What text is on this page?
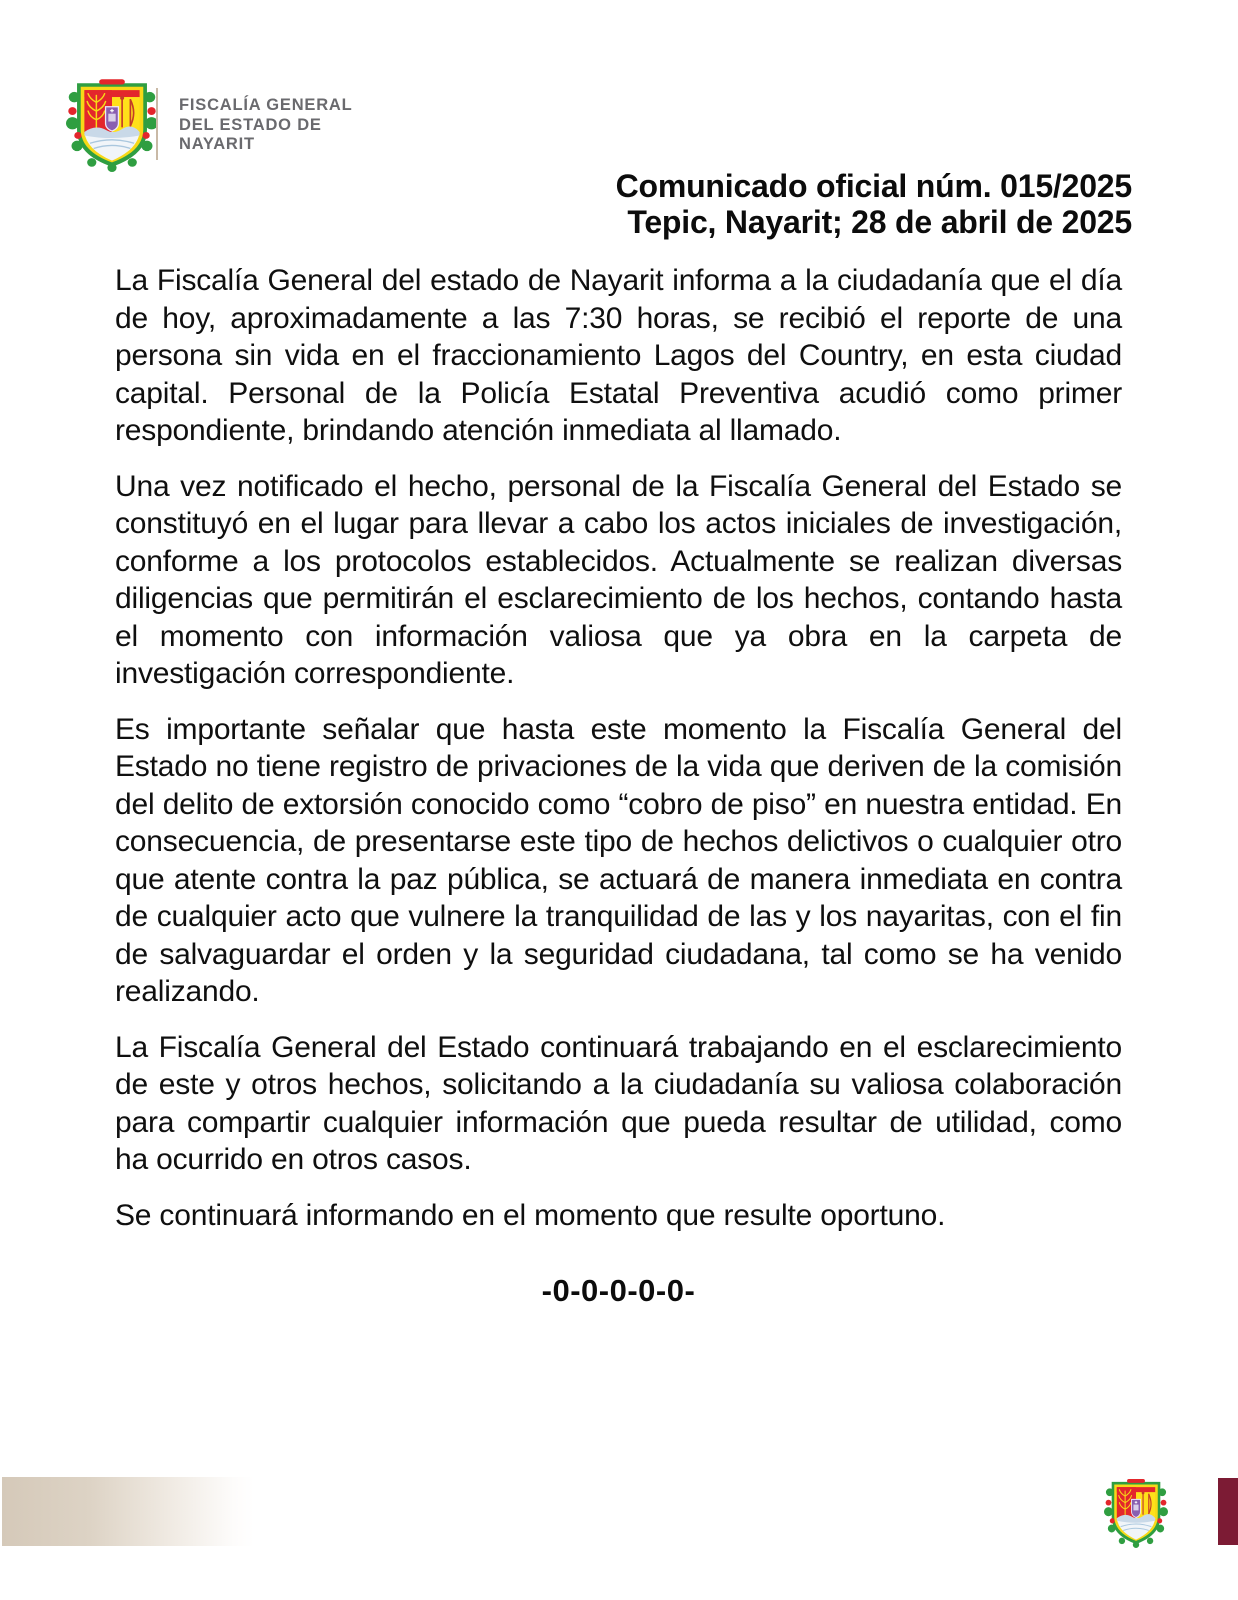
FISCALÍA GENERAL
DEL ESTADO DE
NAYARIT
Comunicado oficial núm. 015/2025
Tepic, Nayarit; 28 de abril de 2025

La Fiscalía General del estado de Nayarit informa a la ciudadanía que el día de hoy, aproximadamente a las 7:30 horas, se recibió el reporte de una persona sin vida en el fraccionamiento Lagos del Country, en esta ciudad capital. Personal de la Policía Estatal Preventiva acudió como primer respondiente, brindando atención inmediata al llamado.

Una vez notificado el hecho, personal de la Fiscalía General del Estado se constituyó en el lugar para llevar a cabo los actos iniciales de investigación, conforme a los protocolos establecidos. Actualmente se realizan diversas diligencias que permitirán el esclarecimiento de los hechos, contando hasta el momento con información valiosa que ya obra en la carpeta de investigación correspondiente.

Es importante señalar que hasta este momento la Fiscalía General del Estado no tiene registro de privaciones de la vida que deriven de la comisión del delito de extorsión conocido como “cobro de piso” en nuestra entidad. En consecuencia, de presentarse este tipo de hechos delictivos o cualquier otro que atente contra la paz pública, se actuará de manera inmediata en contra de cualquier acto que vulnere la tranquilidad de las y los nayaritas, con el fin de salvaguardar el orden y la seguridad ciudadana, tal como se ha venido realizando.

La Fiscalía General del Estado continuará trabajando en el esclarecimiento de este y otros hechos, solicitando a la ciudadanía su valiosa colaboración para compartir cualquier información que pueda resultar de utilidad, como ha ocurrido en otros casos.

Se continuará informando en el momento que resulte oportuno.

-0-0-0-0-0-
